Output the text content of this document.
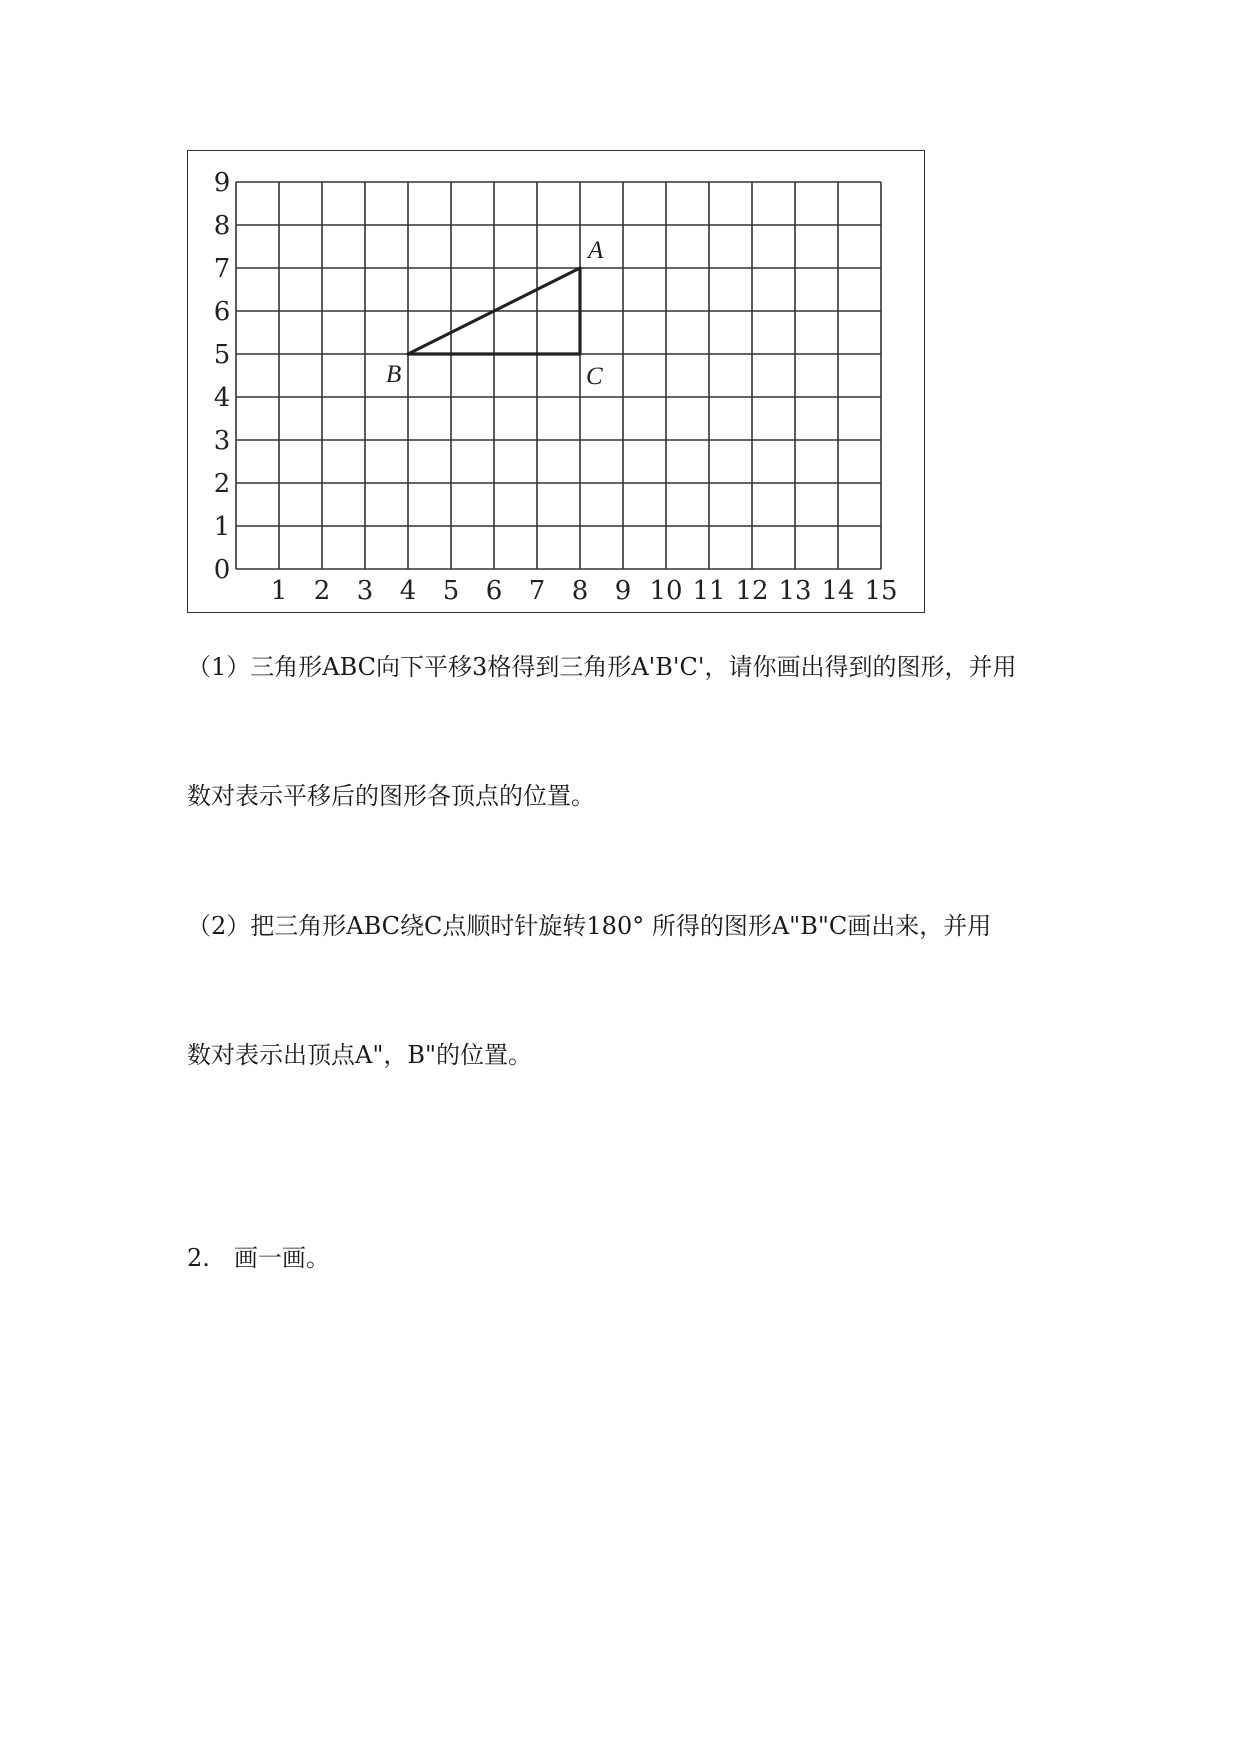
1 2 3 4 5 6 7 8 9 10 11 12 13 14 15
1
2
3
4
5
6
7
8
9
0
A
B	C
（1）三角形ABC向下平移3格得到三角形A'B'C'，请你画出得到的图形，并用
数对表示平移后的图形各顶点的位置。
（2）把三角形ABC绕C点顺时针旋转180° 所得的图形A"B"C画出来，并用
数对表示出顶点A"，B"的位置。
2.　画一画。
